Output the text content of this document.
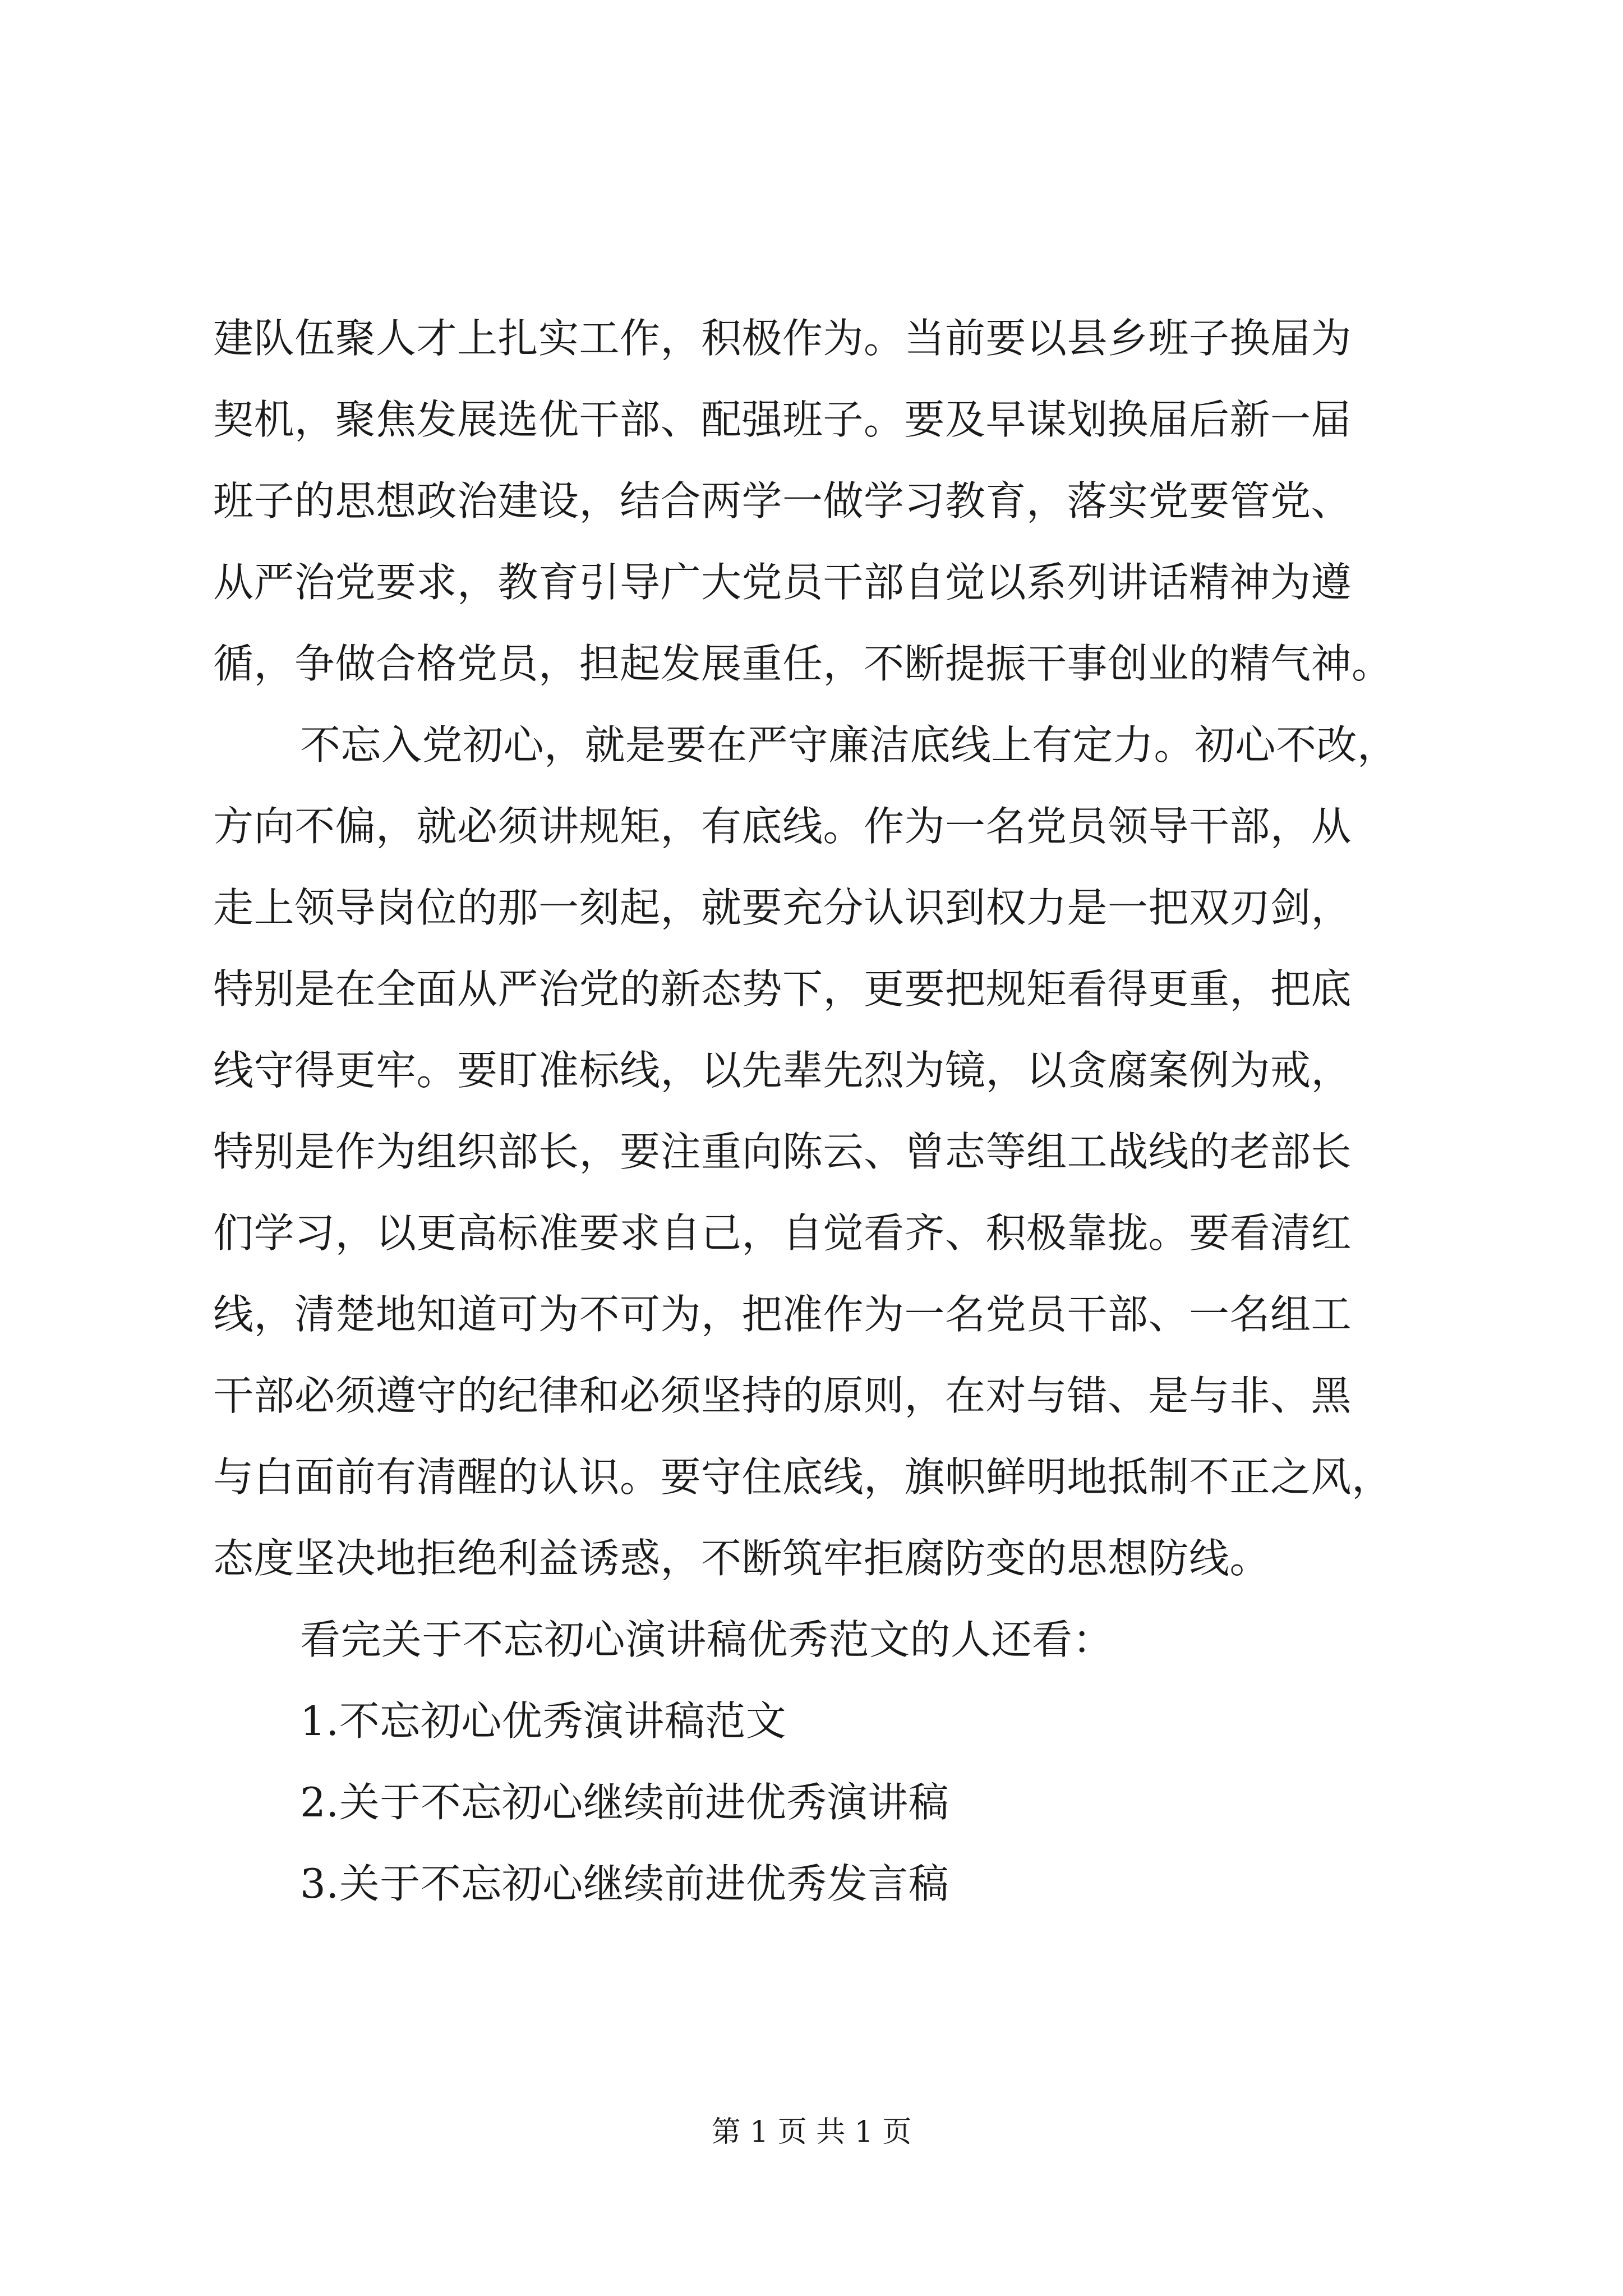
建队伍聚人才上扎实工作，积极作为。当前要以县乡班子换届为
契机，聚焦发展选优干部、配强班子。要及早谋划换届后新一届
班子的思想政治建设，结合两学一做学习教育，落实党要管党、
从严治党要求，教育引导广大党员干部自觉以系列讲话精神为遵
循，争做合格党员，担起发展重任，不断提振干事创业的精气神。
不忘入党初心，就是要在严守廉洁底线上有定力。初心不改，
方向不偏，就必须讲规矩，有底线。作为一名党员领导干部，从
走上领导岗位的那一刻起，就要充分认识到权力是一把双刃剑，
特别是在全面从严治党的新态势下，更要把规矩看得更重，把底
线守得更牢。要盯准标线，以先辈先烈为镜，以贪腐案例为戒，
特别是作为组织部长，要注重向陈云、曾志等组工战线的老部长
们学习，以更高标准要求自己，自觉看齐、积极靠拢。要看清红
线，清楚地知道可为不可为，把准作为一名党员干部、一名组工
干部必须遵守的纪律和必须坚持的原则，在对与错、是与非、黑
与白面前有清醒的认识。要守住底线，旗帜鲜明地抵制不正之风，
态度坚决地拒绝利益诱惑，不断筑牢拒腐防变的思想防线。
看完关于不忘初心演讲稿优秀范文的人还看：
1.不忘初心优秀演讲稿范文
2.关于不忘初心继续前进优秀演讲稿
3.关于不忘初心继续前进优秀发言稿
第 1 页 共 1 页
